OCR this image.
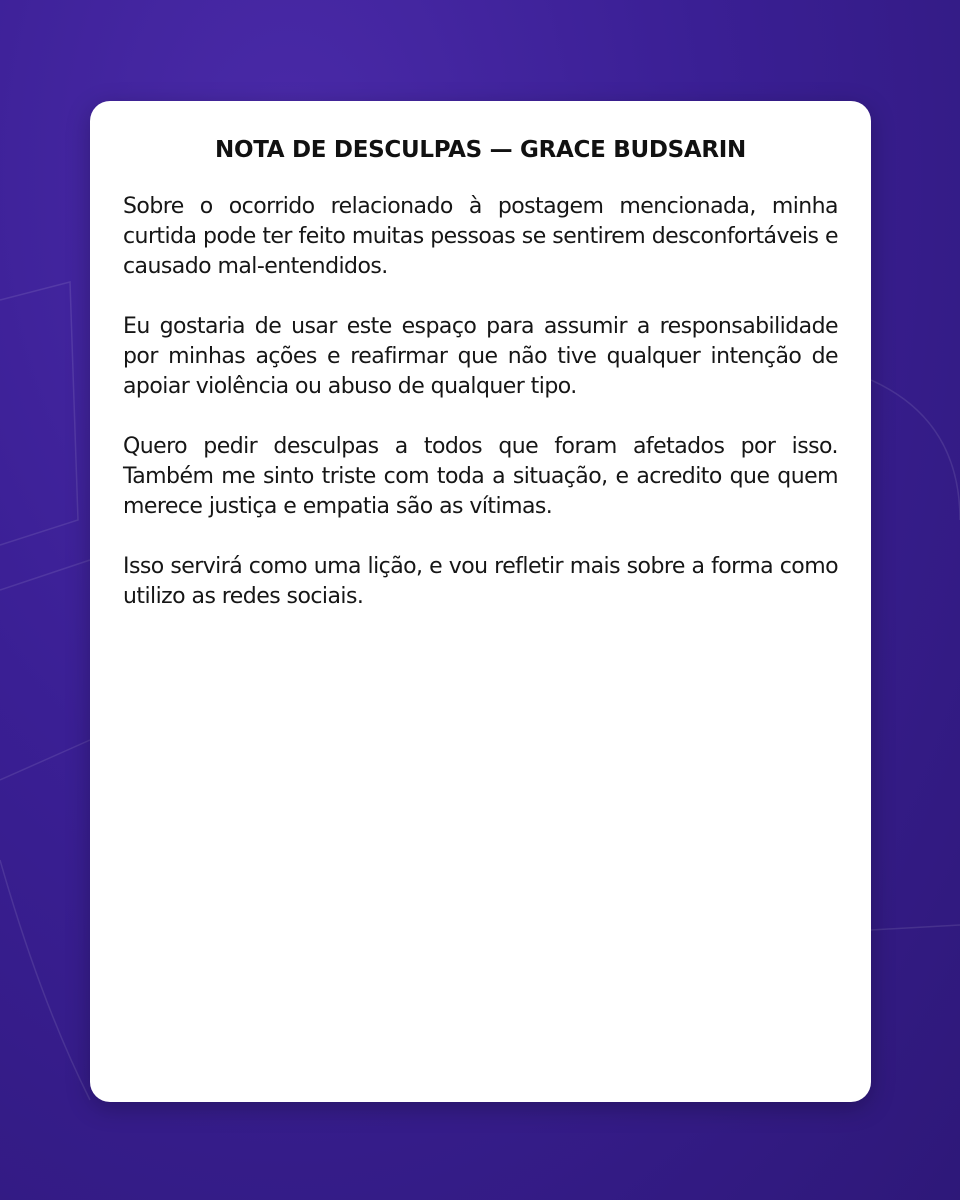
NOTA DE DESCULPAS — GRACE BUDSARIN

Sobre o ocorrido relacionado à postagem mencionada, minha curtida pode ter feito muitas pessoas se sentirem desconfortáveis e causado mal-entendidos.

Eu gostaria de usar este espaço para assumir a responsabilidade por minhas ações e reafirmar que não tive qualquer intenção de apoiar violência ou abuso de qualquer tipo.

Quero pedir desculpas a todos que foram afetados por isso. Também me sinto triste com toda a situação, e acredito que quem merece justiça e empatia são as vítimas.

Isso servirá como uma lição, e vou refletir mais sobre a forma como utilizo as redes sociais.
